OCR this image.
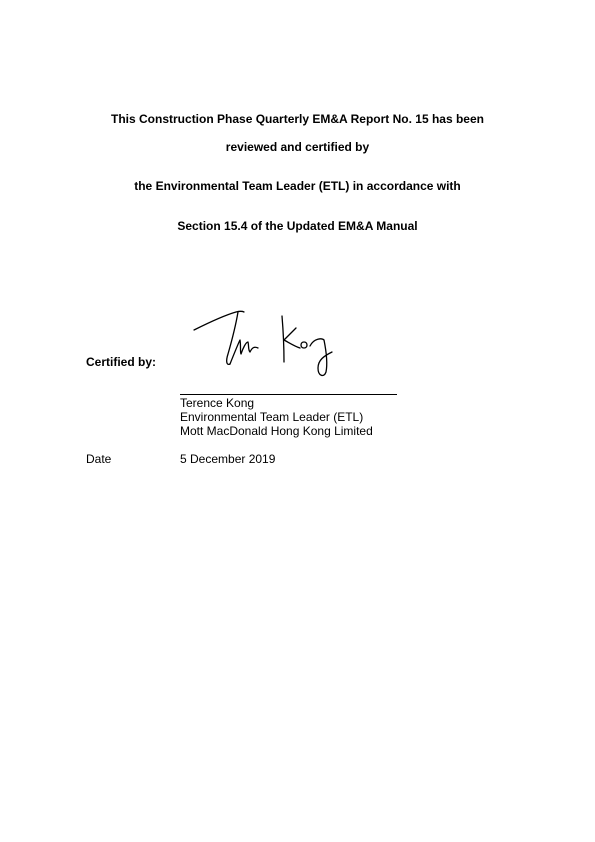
This Construction Phase Quarterly EM&A Report No. 15 has been
reviewed and certified by
the Environmental Team Leader (ETL) in accordance with
Section 15.4 of the Updated EM&A Manual
Certified by:
Terence Kong
Environmental Team Leader (ETL)
Mott MacDonald Hong Kong Limited
Date	5 December 2019
